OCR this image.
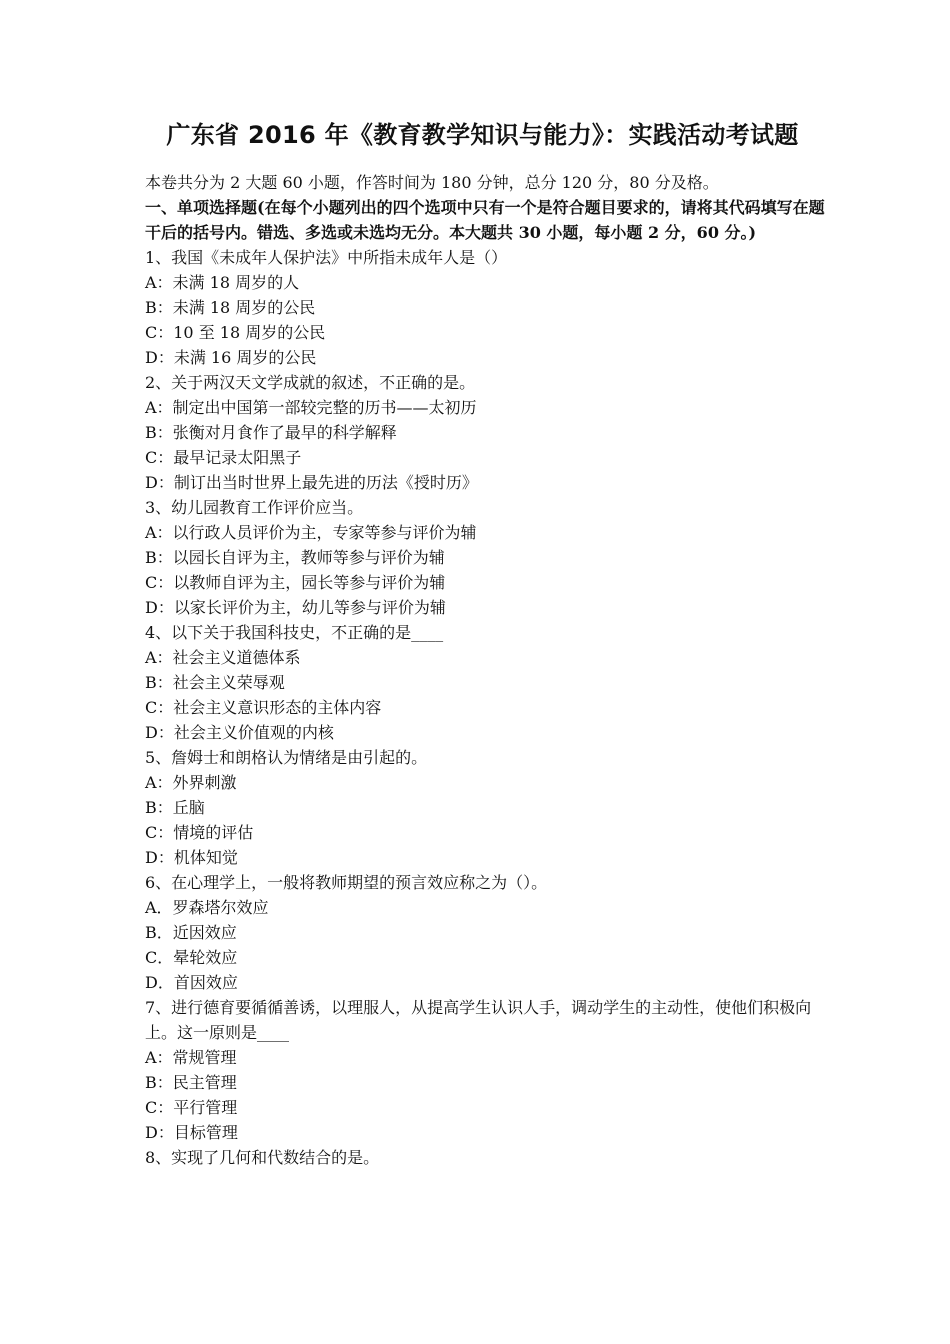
广东省 2016 年《教育教学知识与能力》：实践活动考试题

本卷共分为 2 大题 60 小题，作答时间为 180 分钟，总分 120 分，80 分及格。

一、单项选择题(在每个小题列出的四个选项中只有一个是符合题目要求的，请将其代码填写在题干后的括号内。错选、多选或未选均无分。本大题共 30 小题，每小题 2 分，60 分。)

1、我国《未成年人保护法》中所指未成年人是（）
A：未满 18 周岁的人
B：未满 18 周岁的公民
C：10 至 18 周岁的公民
D：未满 16 周岁的公民
2、关于两汉天文学成就的叙述，不正确的是。
A：制定出中国第一部较完整的历书——太初历
B：张衡对月食作了最早的科学解释
C：最早记录太阳黑子
D：制订出当时世界上最先进的历法《授时历》
3、幼儿园教育工作评价应当。
A：以行政人员评价为主，专家等参与评价为辅
B：以园长自评为主，教师等参与评价为辅
C：以教师自评为主，园长等参与评价为辅
D：以家长评价为主，幼儿等参与评价为辅
4、以下关于我国科技史，不正确的是____
A：社会主义道德体系
B：社会主义荣辱观
C：社会主义意识形态的主体内容
D：社会主义价值观的内核
5、詹姆士和朗格认为情绪是由引起的。
A：外界刺激
B：丘脑
C：情境的评估
D：机体知觉
6、在心理学上，一般将教师期望的预言效应称之为（）。
A．罗森塔尔效应
B．近因效应
C．晕轮效应
D．首因效应
7、进行德育要循循善诱，以理服人，从提高学生认识人手，调动学生的主动性，使他们积极向上。这一原则是____
A：常规管理
B：民主管理
C：平行管理
D：目标管理
8、实现了几何和代数结合的是。
